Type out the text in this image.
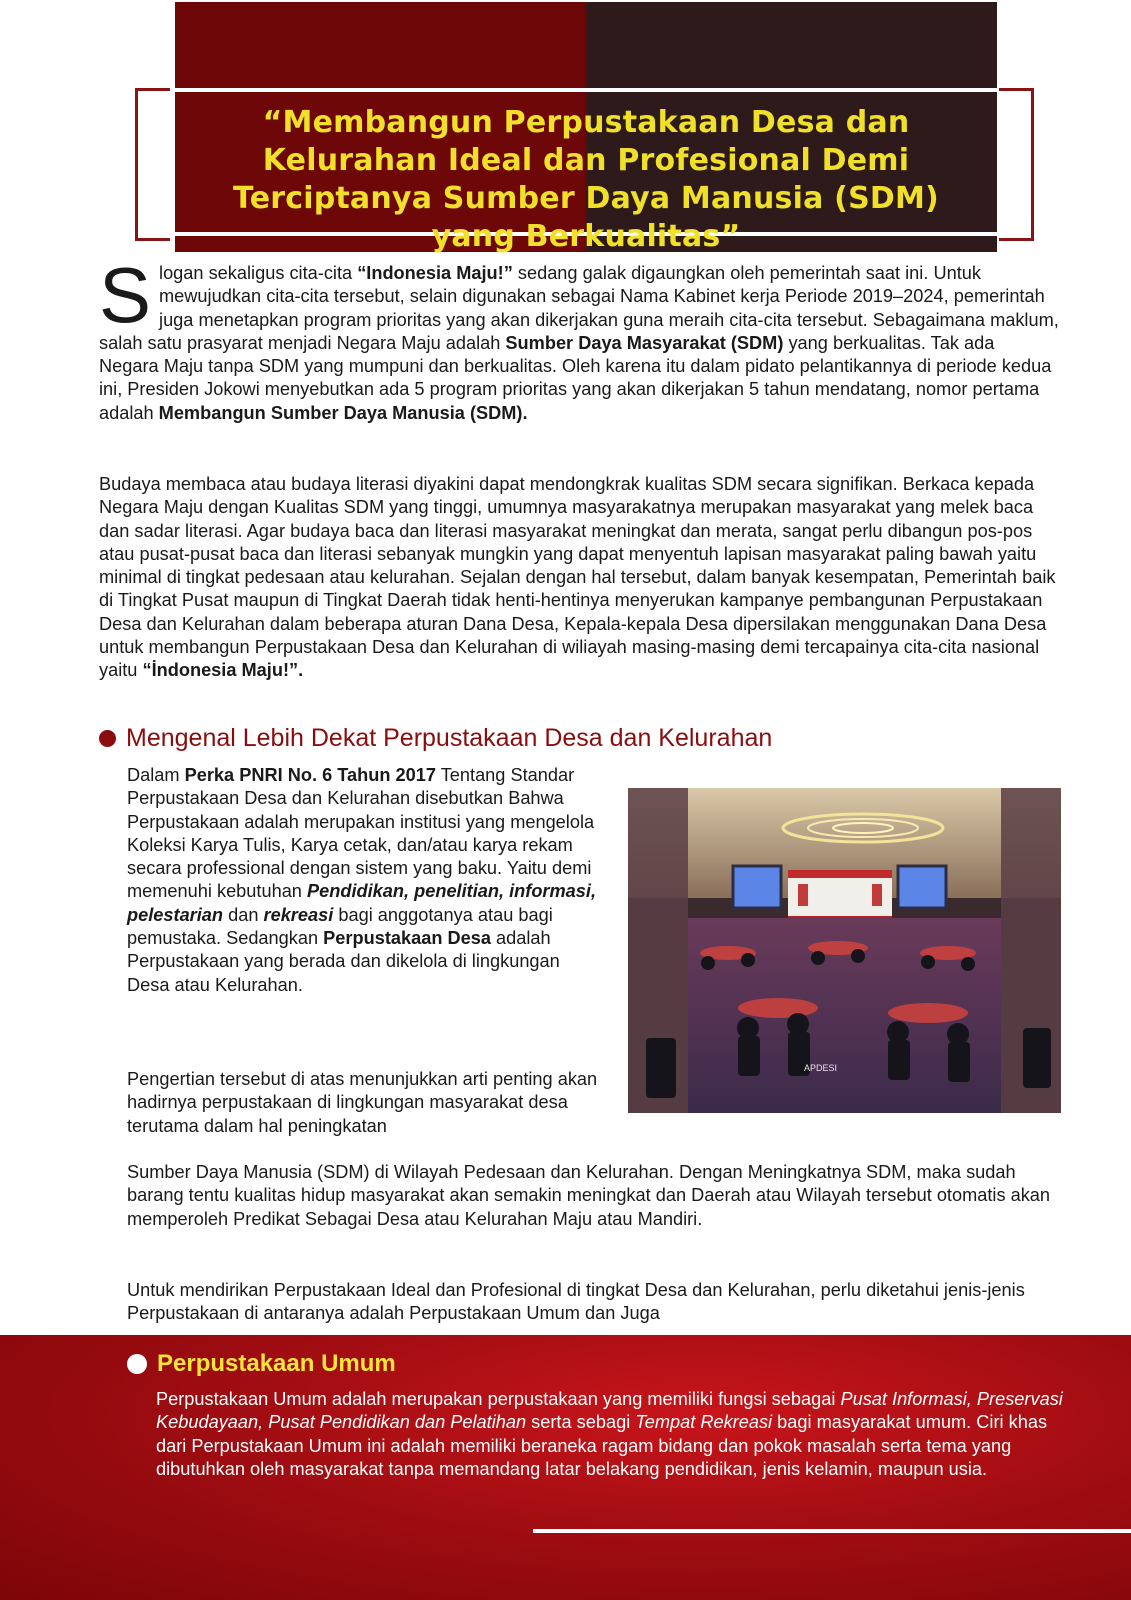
“Membangun Perpustakaan Desa dan Kelurahan Ideal dan Profesional Demi Terciptanya Sumber Daya Manusia (SDM) yang Berkualitas”

Slogan sekaligus cita-cita “Indonesia Maju!” sedang galak digaungkan oleh pemerintah saat ini. Untuk mewujudkan cita-cita tersebut, selain digunakan sebagai Nama Kabinet kerja Periode 2019–2024, pemerintah juga menetapkan program prioritas yang akan dikerjakan guna meraih cita-cita tersebut. Sebagaimana maklum, salah satu prasyarat menjadi Negara Maju adalah Sumber Daya Masyarakat (SDM) yang berkualitas. Tak ada Negara Maju tanpa SDM yang mumpuni dan berkualitas. Oleh karena itu dalam pidato pelantikannya di periode kedua ini, Presiden Jokowi menyebutkan ada 5 program prioritas yang akan dikerjakan 5 tahun mendatang, nomor pertama adalah Membangun Sumber Daya Manusia (SDM).

Budaya membaca atau budaya literasi diyakini dapat mendongkrak kualitas SDM secara signifikan. Berkaca kepada Negara Maju dengan Kualitas SDM yang tinggi, umumnya masyarakatnya merupakan masyarakat yang melek baca dan sadar literasi. Agar budaya baca dan literasi masyarakat meningkat dan merata, sangat perlu dibangun pos-pos atau pusat-pusat baca dan literasi sebanyak mungkin yang dapat menyentuh lapisan masyarakat paling bawah yaitu minimal di tingkat pedesaan atau kelurahan. Sejalan dengan hal tersebut, dalam banyak kesempatan, Pemerintah baik di Tingkat Pusat maupun di Tingkat Daerah tidak henti-hentinya menyerukan kampanye pembangunan Perpustakaan Desa dan Kelurahan dalam beberapa aturan Dana Desa, Kepala-kepala Desa dipersilakan menggunakan Dana Desa untuk membangun Perpustakaan Desa dan Kelurahan di wiliayah masing-masing demi tercapainya cita-cita nasional yaitu “İndonesia Maju!”.

Mengenal Lebih Dekat Perpustakaan Desa dan Kelurahan

Dalam Perka PNRI No. 6 Tahun 2017 Tentang Standar Perpustakaan Desa dan Kelurahan disebutkan Bahwa Perpustakaan adalah merupakan institusi yang mengelola Koleksi Karya Tulis, Karya cetak, dan/atau karya rekam secara professional dengan sistem yang baku. Yaitu demi memenuhi kebutuhan Pendidikan, penelitian, informasi, pelestarian dan rekreasi bagi anggotanya atau bagi pemustaka. Sedangkan Perpustakaan Desa adalah Perpustakaan yang berada dan dikelola di lingkungan Desa atau Kelurahan.

Pengertian tersebut di atas menunjukkan arti penting akan hadirnya perpustakaan di lingkungan masyarakat desa terutama dalam hal peningkatan

APDESI

Sumber Daya Manusia (SDM) di Wilayah Pedesaan dan Kelurahan. Dengan Meningkatnya SDM, maka sudah barang tentu kualitas hidup masyarakat akan semakin meningkat dan Daerah atau Wilayah tersebut otomatis akan memperoleh Predikat Sebagai Desa atau Kelurahan Maju atau Mandiri.

Untuk mendirikan Perpustakaan Ideal dan Profesional di tingkat Desa dan Kelurahan, perlu diketahui jenis-jenis Perpustakaan di antaranya adalah Perpustakaan Umum dan Juga

Perpustakaan Umum

Perpustakaan Umum adalah merupakan perpustakaan yang memiliki fungsi sebagai Pusat Informasi, Preservasi Kebudayaan, Pusat Pendidikan dan Pelatihan serta sebagi Tempat Rekreasi bagi masyarakat umum. Ciri khas dari Perpustakaan Umum ini adalah memiliki beraneka ragam bidang dan pokok masalah serta tema yang dibutuhkan oleh masyarakat tanpa memandang latar belakang pendidikan, jenis kelamin, maupun usia.
